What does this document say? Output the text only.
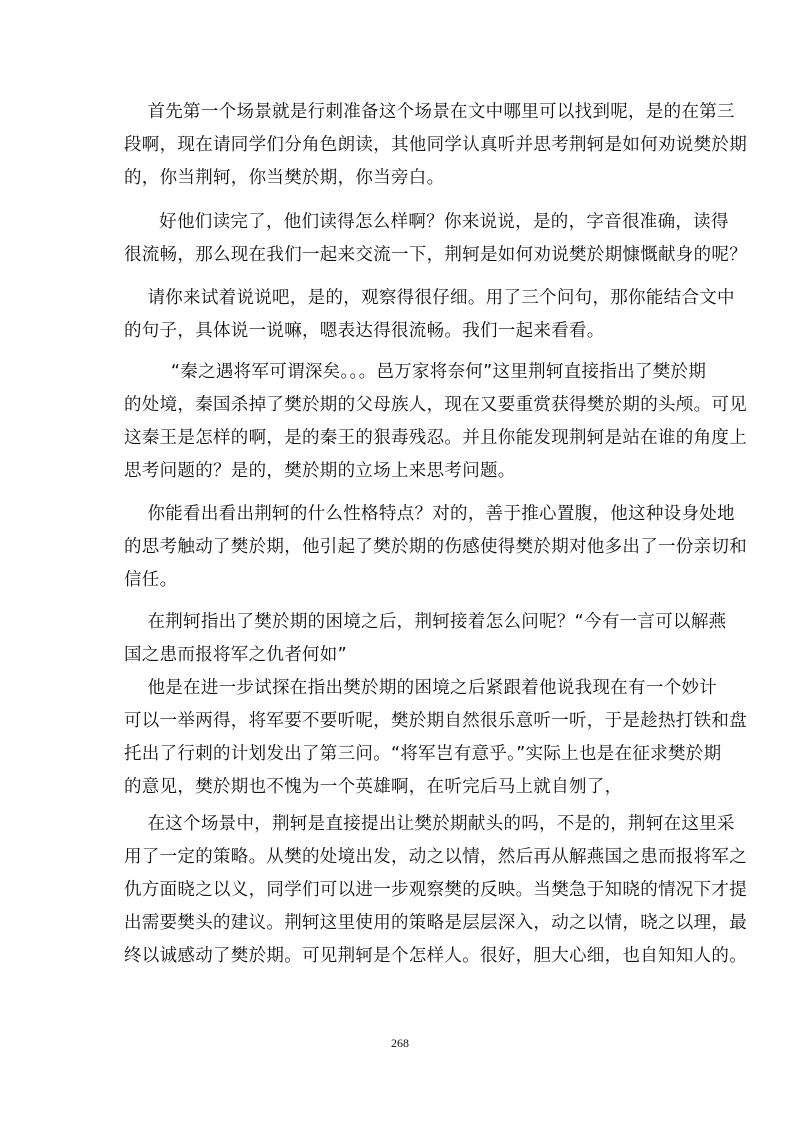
首先第一个场景就是行刺准备这个场景在文中哪里可以找到呢，是的在第三
段啊，现在请同学们分角色朗读，其他同学认真听并思考荆轲是如何劝说樊於期
的，你当荆轲，你当樊於期，你当旁白。

好他们读完了，他们读得怎么样啊？你来说说，是的，字音很准确，读得
很流畅，那么现在我们一起来交流一下，荆轲是如何劝说樊於期慷慨献身的呢？

请你来试着说说吧，是的，观察得很仔细。用了三个问句，那你能结合文中
的句子，具体说一说嘛，嗯表达得很流畅。我们一起来看看。

“秦之遇将军可谓深矣。。。邑万家将奈何”这里荆轲直接指出了樊於期
的处境，秦国杀掉了樊於期的父母族人，现在又要重赏获得樊於期的头颅。可见
这秦王是怎样的啊，是的秦王的狠毒残忍。并且你能发现荆轲是站在谁的角度上
思考问题的？是的，樊於期的立场上来思考问题。

你能看出看出荆轲的什么性格特点？对的，善于推心置腹，他这种设身处地
的思考触动了樊於期，他引起了樊於期的伤感使得樊於期对他多出了一份亲切和
信任。

在荆轲指出了樊於期的困境之后，荆轲接着怎么问呢？“今有一言可以解燕
国之患而报将军之仇者何如”
他是在进一步试探在指出樊於期的困境之后紧跟着他说我现在有一个妙计
可以一举两得，将军要不要听呢，樊於期自然很乐意听一听，于是趁热打铁和盘
托出了行刺的计划发出了第三问。“将军岂有意乎。”实际上也是在征求樊於期
的意见，樊於期也不愧为一个英雄啊，在听完后马上就自刎了，

在这个场景中，荆轲是直接提出让樊於期献头的吗，不是的，荆轲在这里采
用了一定的策略。从樊的处境出发，动之以情，然后再从解燕国之患而报将军之
仇方面晓之以义，同学们可以进一步观察樊的反映。当樊急于知晓的情况下才提
出需要樊头的建议。荆轲这里使用的策略是层层深入，动之以情，晓之以理，最
终以诚感动了樊於期。可见荆轲是个怎样人。很好，胆大心细，也自知知人的。

268
